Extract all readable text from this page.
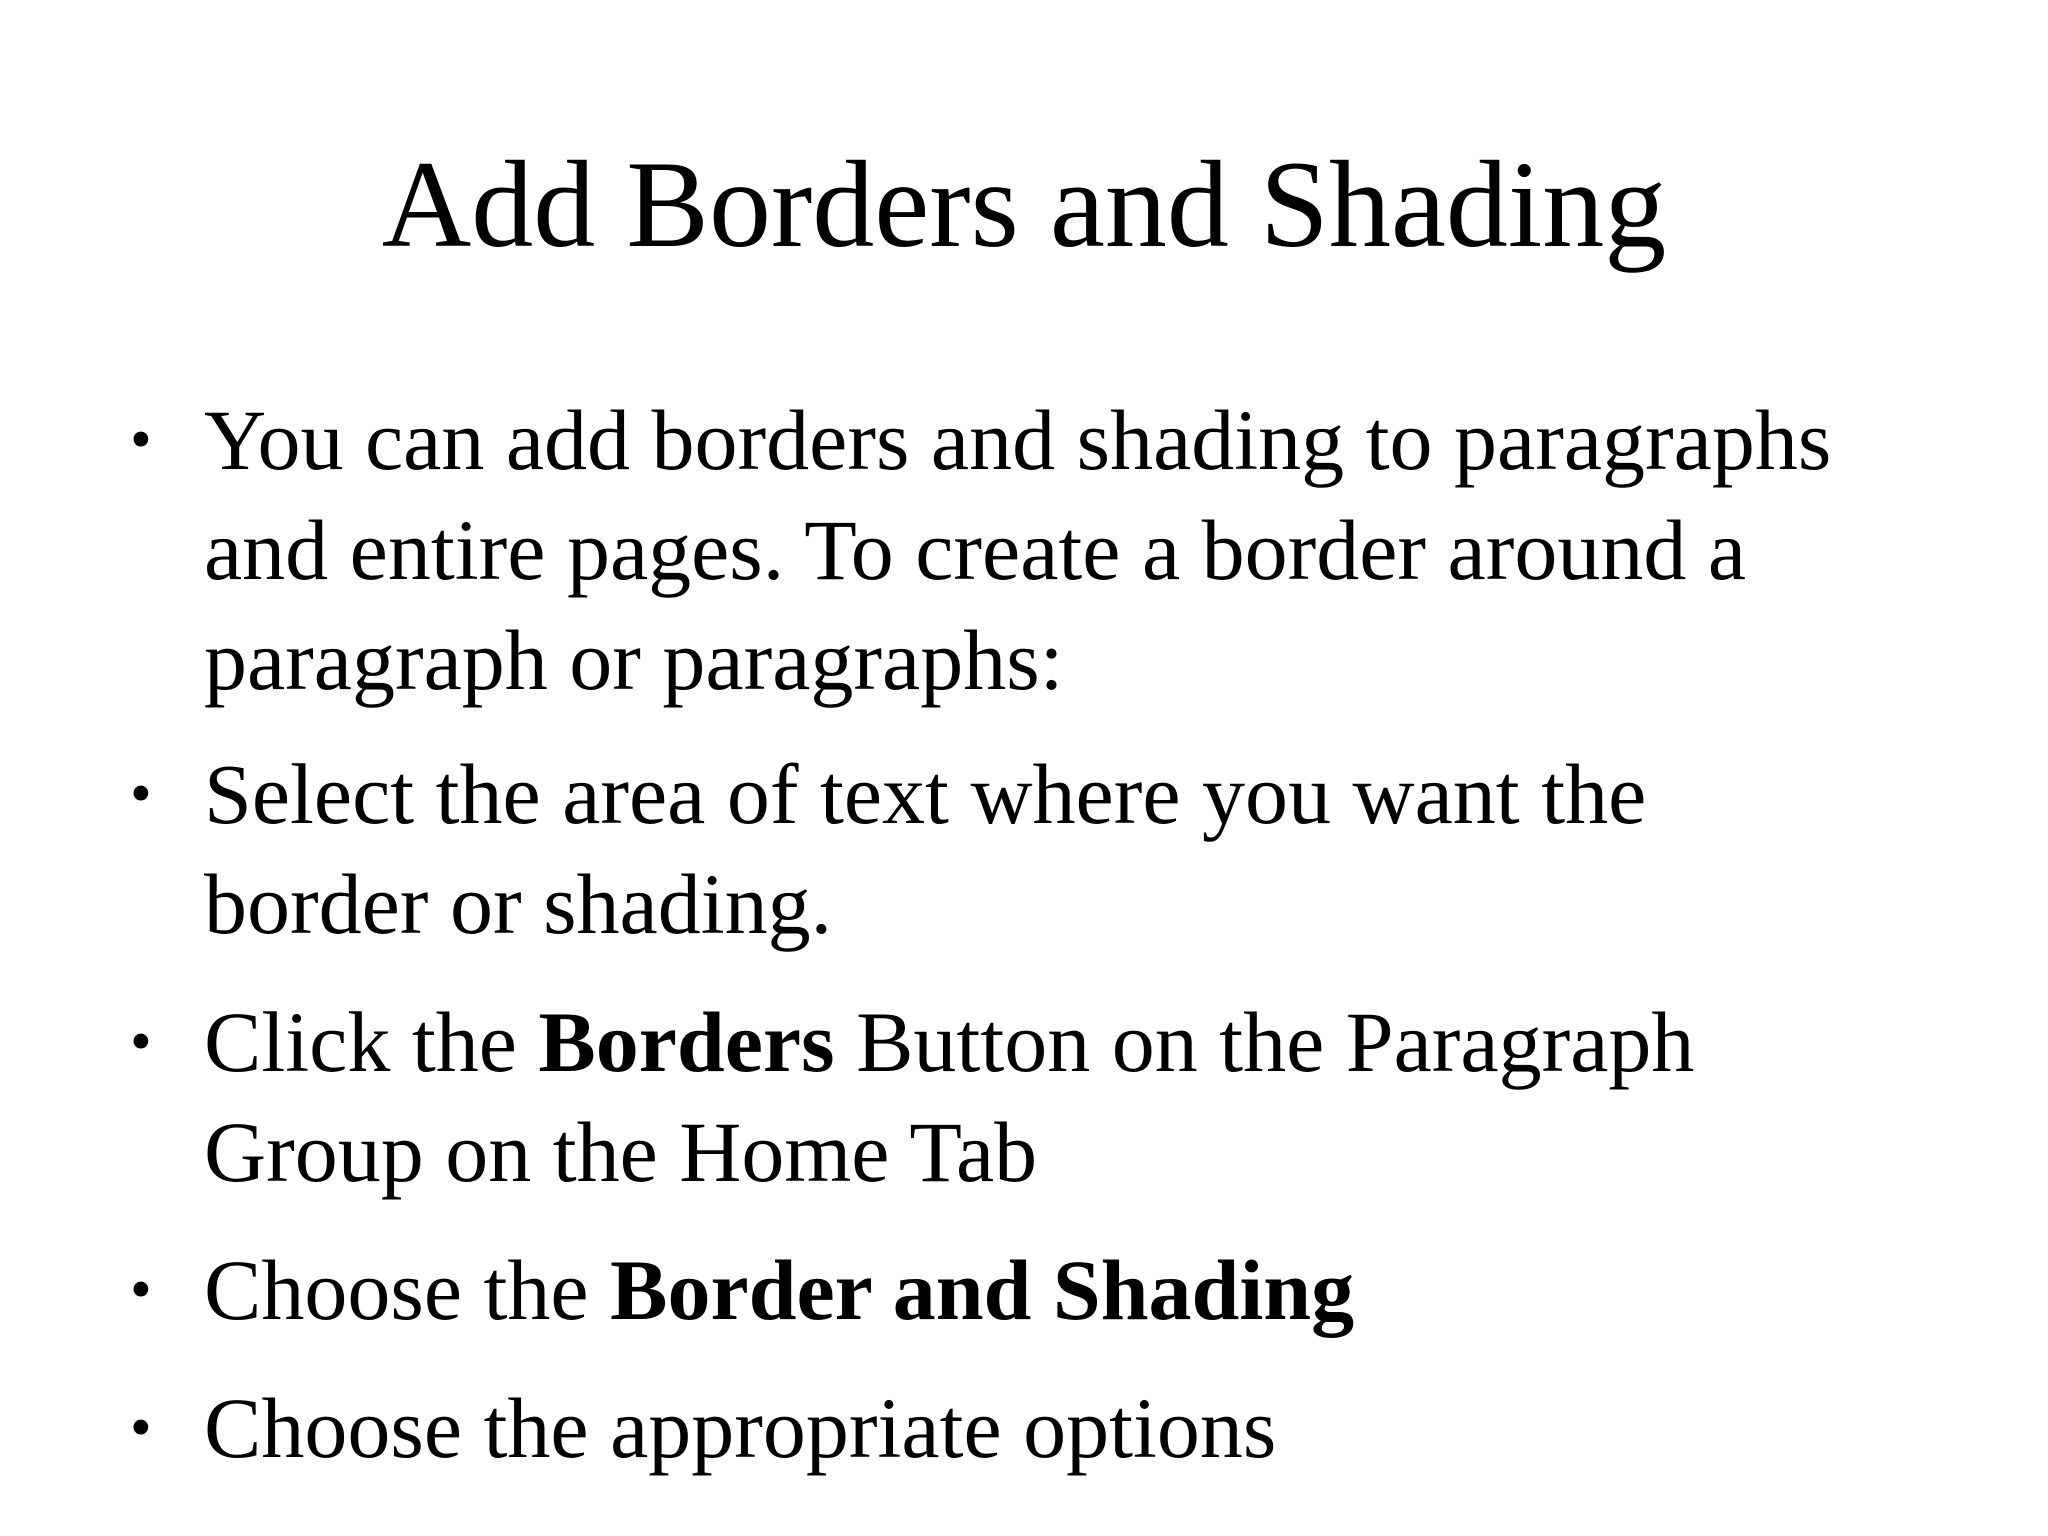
Add Borders and Shading
• You can add borders and shading to paragraphs
and entire pages. To create a border around a
paragraph or paragraphs:
• Select the area of text where you want the
border or shading.
• Click the Borders Button on the Paragraph
Group on the Home Tab
• Choose the Border and Shading
• Choose the appropriate options
